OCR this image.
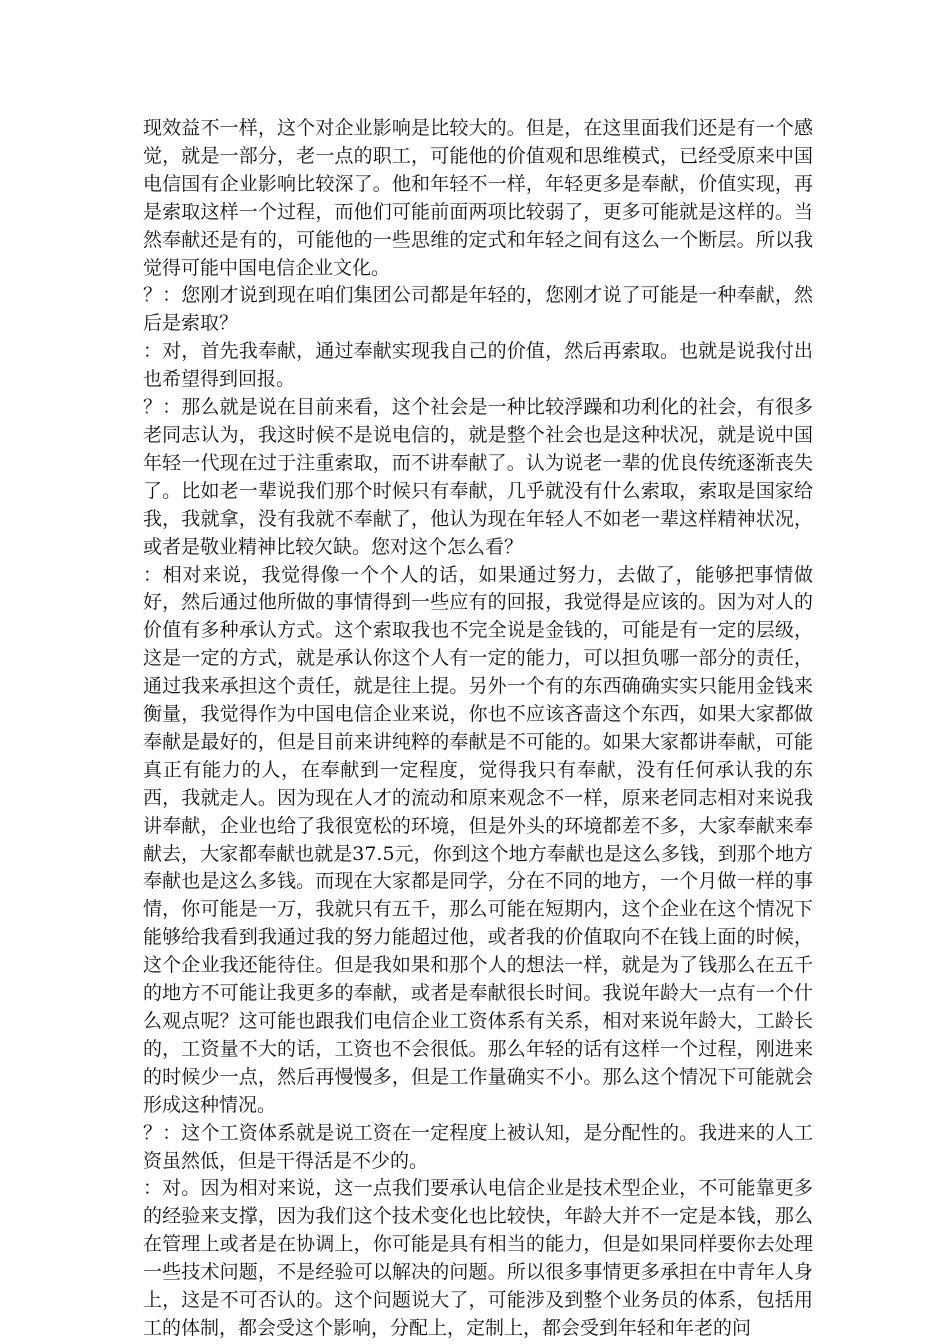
现效益不一样，这个对企业影响是比较大的。但是，在这里面我们还是有一个感觉，就是一部分，老一点的职工，可能他的价值观和思维模式，已经受原来中国电信国有企业影响比较深了。他和年轻不一样，年轻更多是奉献，价值实现，再是索取这样一个过程，而他们可能前面两项比较弱了，更多可能就是这样的。当然奉献还是有的，可能他的一些思维的定式和年轻之间有这么一个断层。所以我觉得可能中国电信企业文化。

？：您刚才说到现在咱们集团公司都是年轻的，您刚才说了可能是一种奉献，然后是索取？

：对，首先我奉献，通过奉献实现我自己的价值，然后再索取。也就是说我付出也希望得到回报。

？：那么就是说在目前来看，这个社会是一种比较浮躁和功利化的社会，有很多老同志认为，我这时候不是说电信的，就是整个社会也是这种状况，就是说中国年轻一代现在过于注重索取，而不讲奉献了。认为说老一辈的优良传统逐渐丧失了。比如老一辈说我们那个时候只有奉献，几乎就没有什么索取，索取是国家给我，我就拿，没有我就不奉献了，他认为现在年轻人不如老一辈这样精神状况，或者是敬业精神比较欠缺。您对这个怎么看？

：相对来说，我觉得像一个个人的话，如果通过努力，去做了，能够把事情做好，然后通过他所做的事情得到一些应有的回报，我觉得是应该的。因为对人的价值有多种承认方式。这个索取我也不完全说是金钱的，可能是有一定的层级，这是一定的方式，就是承认你这个人有一定的能力，可以担负哪一部分的责任，通过我来承担这个责任，就是往上提。另外一个有的东西确确实实只能用金钱来衡量，我觉得作为中国电信企业来说，你也不应该吝啬这个东西，如果大家都做奉献是最好的，但是目前来讲纯粹的奉献是不可能的。如果大家都讲奉献，可能真正有能力的人，在奉献到一定程度，觉得我只有奉献，没有任何承认我的东西，我就走人。因为现在人才的流动和原来观念不一样，原来老同志相对来说我讲奉献，企业也给了我很宽松的环境，但是外头的环境都差不多，大家奉献来奉献去，大家都奉献也就是37.5元，你到这个地方奉献也是这么多钱，到那个地方奉献也是这么多钱。而现在大家都是同学，分在不同的地方，一个月做一样的事情，你可能是一万，我就只有五千，那么可能在短期内，这个企业在这个情况下能够给我看到我通过我的努力能超过他，或者我的价值取向不在钱上面的时候，这个企业我还能待住。但是我如果和那个人的想法一样，就是为了钱那么在五千的地方不可能让我更多的奉献，或者是奉献很长时间。我说年龄大一点有一个什么观点呢？这可能也跟我们电信企业工资体系有关系，相对来说年龄大，工龄长的，工资量不大的话，工资也不会很低。那么年轻的话有这样一个过程，刚进来的时候少一点，然后再慢慢多，但是工作量确实不小。那么这个情况下可能就会形成这种情况。

？：这个工资体系就是说工资在一定程度上被认知，是分配性的。我进来的人工资虽然低，但是干得活是不少的。

：对。因为相对来说，这一点我们要承认电信企业是技术型企业，不可能靠更多的经验来支撑，因为我们这个技术变化也比较快，年龄大并不一定是本钱，那么在管理上或者是在协调上，你可能是具有相当的能力，但是如果同样要你去处理一些技术问题，不是经验可以解决的问题。所以很多事情更多承担在中青年人身上，这是不可否认的。这个问题说大了，可能涉及到整个业务员的体系，包括用工的体制，都会受这个影响，分配上，定制上，都会受到年轻和年老的问
